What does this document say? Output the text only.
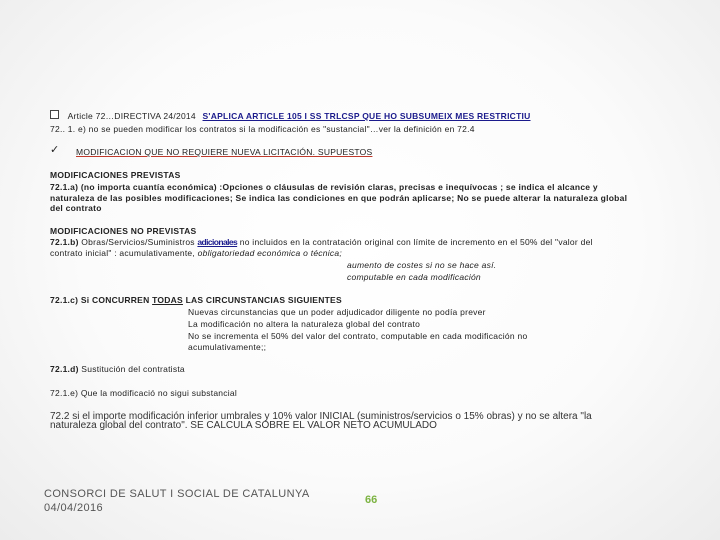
Article 72…DIRECTIVA 24/2014 S'APLICA ARTICLE 105 I SS TRLCSP QUE HO SUBSUMEIX MES RESTRICTIU
72.. 1. e) no se pueden modificar los contratos si la modificación es "sustancial"…ver la definición en 72.4
✓ MODIFICACION QUE NO REQUIERE NUEVA LICITACIÓN. SUPUESTOS
MODIFICACIONES PREVISTAS
72.1.a) (no importa cuantía económica) :Opciones o cláusulas de revisión claras, precisas e inequívocas ; se indica el alcance y
naturaleza de las posibles modificaciones; Se indica las condiciones en que podrán aplicarse; No se puede alterar la naturaleza global
del contrato
MODIFICACIONES NO PREVISTAS
72.1.b) Obras/Servicios/Suministros adicionales no incluidos en la contratación original con límite de incremento en el 50% del "valor del
contrato inicial" : acumulativamente, obligatoriedad económica o técnica;
aumento de costes si no se hace así.
computable en cada modificación
72.1.c) Si CONCURREN TODAS LAS CIRCUNSTANCIAS SIGUIENTES
Nuevas circunstancias que un poder adjudicador diligente no podía prever
La modificación no altera la naturaleza global del contrato
No se incrementa el 50% del valor del contrato, computable en cada modificación no
acumulativamente;;
72.1.d) Sustitución del contratista
72.1.e) Que la modificació no sigui substancial
72.2 si el importe modificación inferior umbrales y 10% valor INICIAL (suministros/servicios o 15% obras) y no se altera "la
naturaleza global del contrato". SE CALCULA SOBRE EL VALOR NETO ACUMULADO
CONSORCI DE SALUT I SOCIAL DE CATALUNYA
04/04/2016
66
